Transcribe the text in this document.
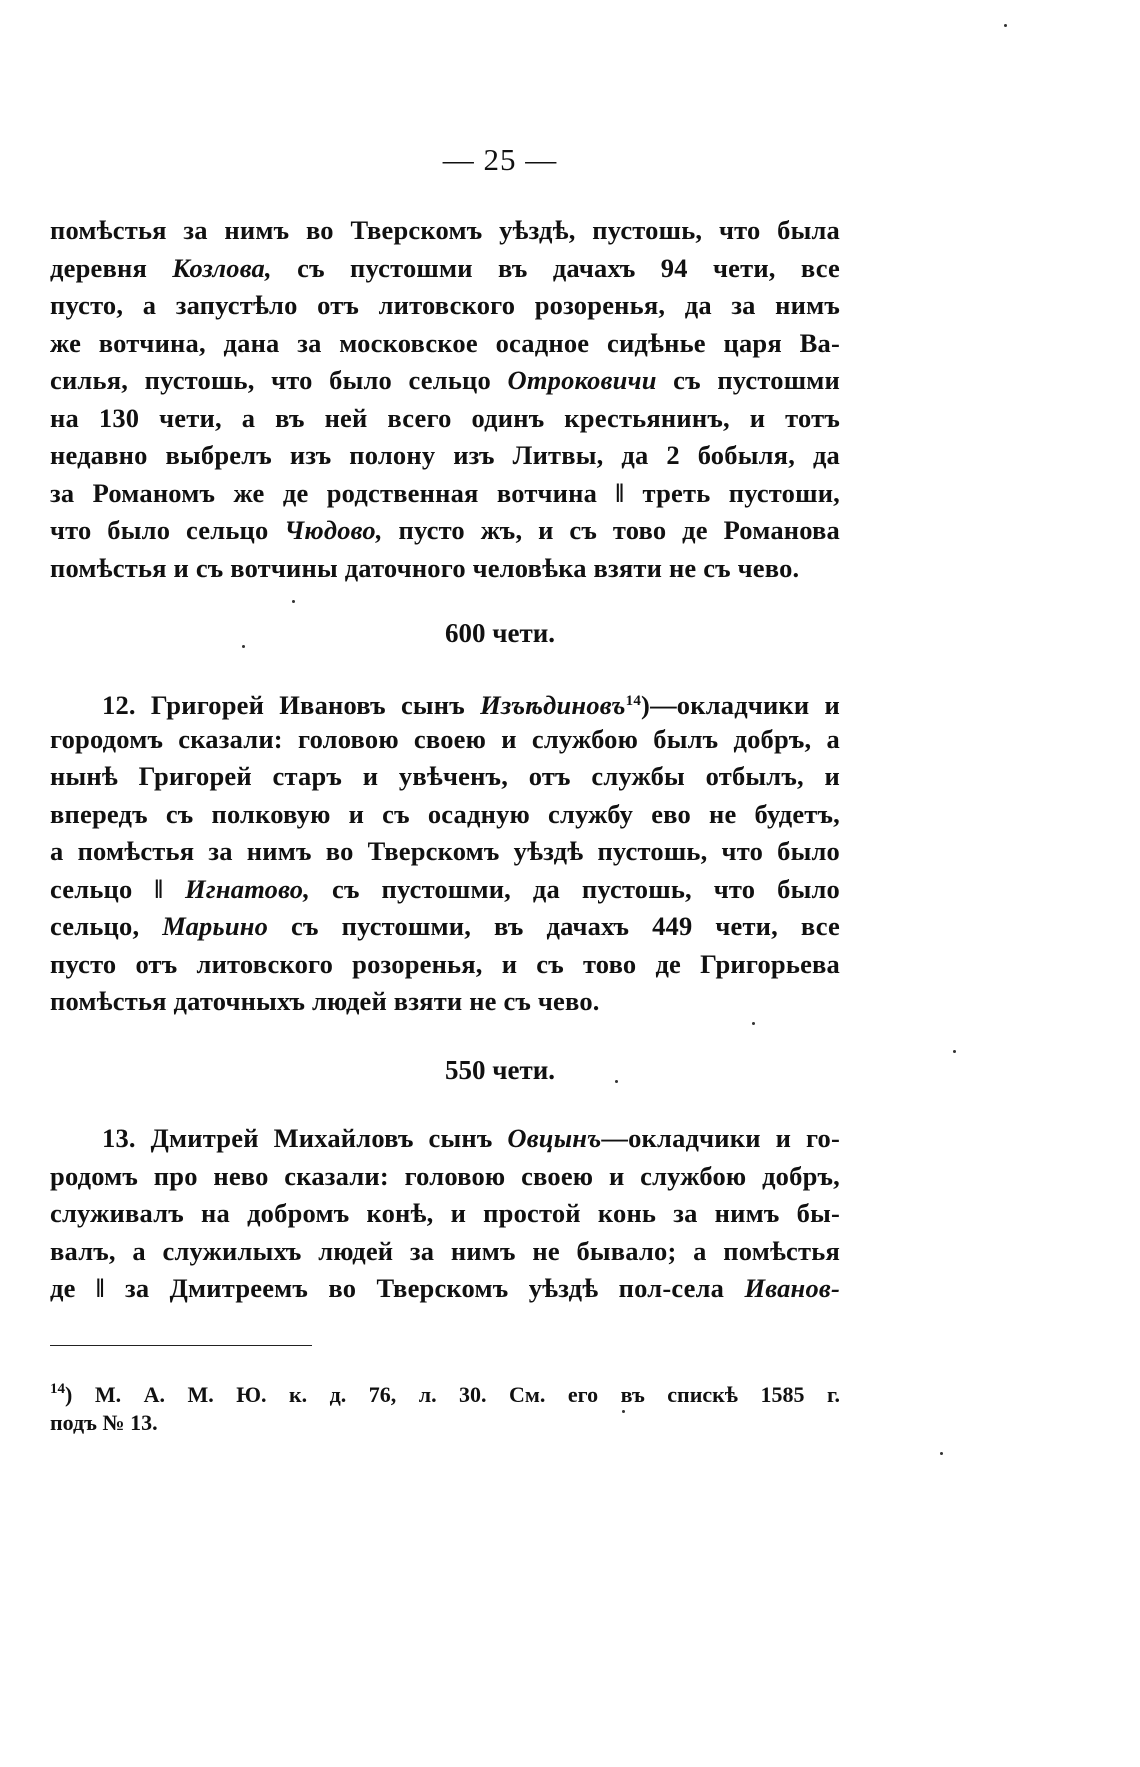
— 25 —
помѣстья за нимъ во Тверскомъ уѣздѣ, пустошь, что была
деревня Козлова, съ пустошми въ дачахъ 94 чети, все
пусто, а запустѣло отъ литовского розоренья, да за нимъ
же вотчина, дана за московское осадное сидѣнье царя Ва-
силья, пустошь, что было сельцо Отроковичи съ пустошми
на 130 чети, а въ ней всего одинъ крестьянинъ, и тотъ
недавно выбрелъ изъ полону изъ Литвы, да 2 бобыля, да
за Романомъ же де родственная вотчина ‖ треть пустоши,
что было сельцо Чюдово, пусто жъ, и съ тово де Романова
помѣстья и съ вотчины даточного человѣка взяти не съ чево.
600 чети.
12. Григорей Ивановъ сынъ Изъѣдиновъ$^{14}$)—окладчики и
городомъ сказали: головою своею и службою былъ добръ, а
нынѣ Григорей старъ и увѣченъ, отъ службы отбылъ, и
впередъ съ полковую и съ осадную службу ево не будетъ,
а помѣстья за нимъ во Тверскомъ уѣздѣ пустошь, что было
сельцо ‖ Игнатово, съ пустошми, да пустошь, что было
сельцо, Марьино съ пустошми, въ дачахъ 449 чети, все
пусто отъ литовского розоренья, и съ тово де Григорьева
помѣстья даточныхъ людей взяти не съ чево.
550 чети.
13. Дмитрей Михайловъ сынъ Овцынъ—окладчики и го-
родомъ про нево сказали: головою своею и службою добръ,
служивалъ на добромъ конѣ, и простой конь за нимъ бы-
валъ, а служилыхъ людей за нимъ не бывало; а помѣстья
де ‖ за Дмитреемъ во Тверскомъ уѣздѣ пол-села Иванов-
$^{14}$) М. А. М. Ю. к. д. 76, л. 30. См. его въ спискѣ 1585 г.
подъ № 13.
